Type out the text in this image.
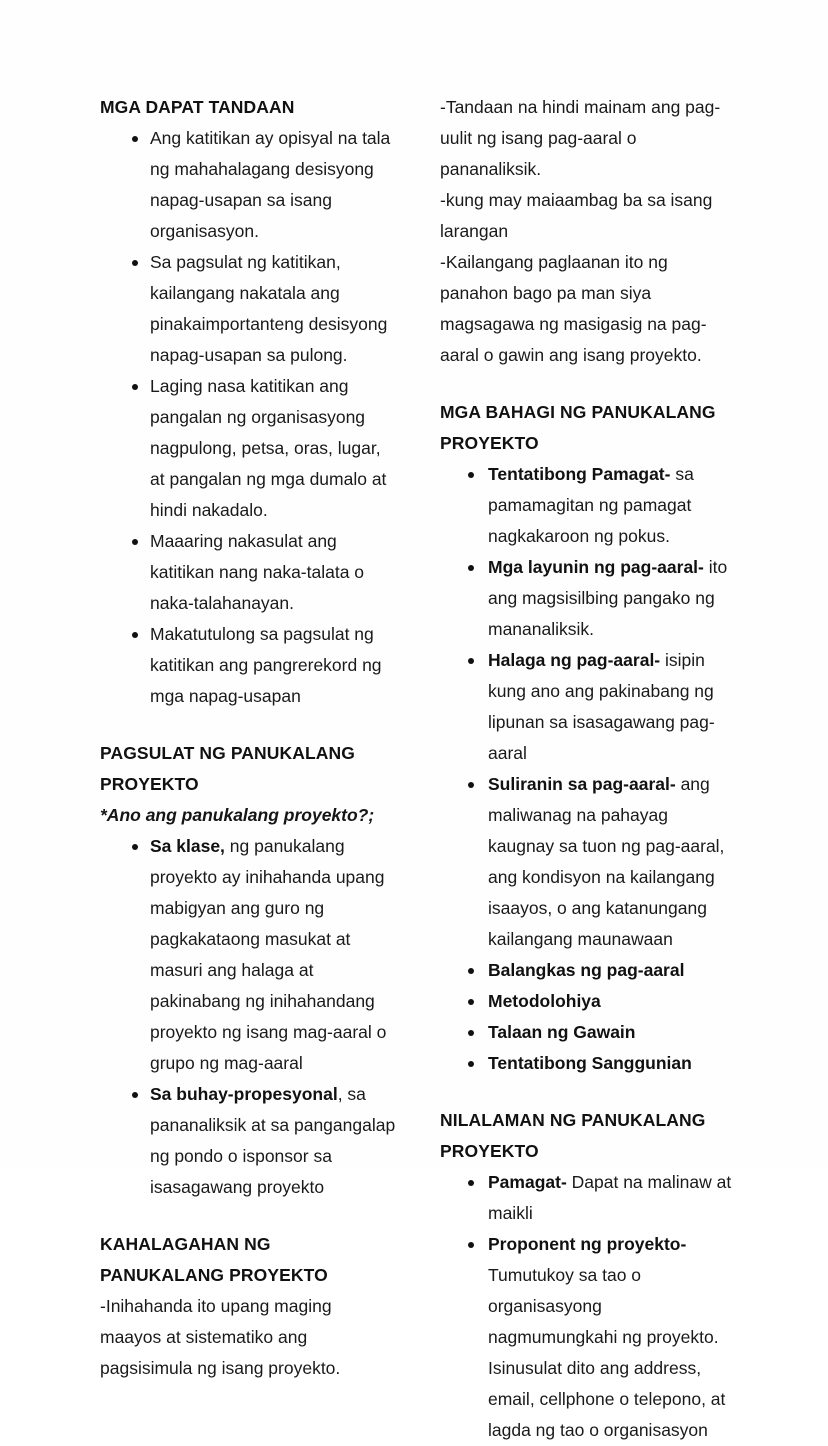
MGA DAPAT TANDAAN
Ang katitikan ay opisyal na tala ng mahahalagang desisyong napag-usapan sa isang organisasyon.
Sa pagsulat ng katitikan, kailangang nakatala ang pinakaimportanteng desisyong napag-usapan sa pulong.
Laging nasa katitikan ang pangalan ng organisasyong nagpulong, petsa, oras, lugar, at pangalan ng mga dumalo at hindi nakadalo.
Maaaring nakasulat ang katitikan nang naka-talata o naka-talahanayan.
Makatutulong sa pagsulat ng katitikan ang pangrerekord ng mga napag-usapan
PAGSULAT NG PANUKALANG PROYEKTO
*Ano ang panukalang proyekto?;
Sa klase, ng panukalang proyekto ay inihahanda upang mabigyan ang guro ng pagkakataong masukat at masuri ang halaga at pakinabang ng inihahandang proyekto ng isang mag-aaral o grupo ng mag-aaral
Sa buhay-propesyonal, sa pananaliksik at sa pangangalap ng pondo o isponsor sa isasagawang proyekto
KAHALAGAHAN NG PANUKALANG PROYEKTO

-Inihahanda ito upang maging maayos at sistematiko ang pagsisimula ng isang proyekto.

-Tandaan na hindi mainam ang pag-uulit ng isang pag-aaral o pananaliksik.

-kung may maiaambag ba sa isang larangan

-Kailangang paglaanan ito ng panahon bago pa man siya magsagawa ng masigasig na pag-aaral o gawin ang isang proyekto.

MGA BAHAGI NG PANUKALANG PROYEKTO
Tentatibong Pamagat- sa pamamagitan ng pamagat nagkakaroon ng pokus.
Mga layunin ng pag-aaral- ito ang magsisilbing pangako ng mananaliksik.
Halaga ng pag-aaral- isipin kung ano ang pakinabang ng lipunan sa isasagawang pag-aaral
Suliranin sa pag-aaral- ang maliwanag na pahayag kaugnay sa tuon ng pag-aaral, ang kondisyon na kailangang isaayos, o ang katanungang kailangang maunawaan
Balangkas ng pag-aaral
Metodolohiya
Talaan ng Gawain
Tentatibong Sanggunian
NILALAMAN NG PANUKALANG PROYEKTO
Pamagat- Dapat na malinaw at maikli
Proponent ng proyekto- Tumutukoy sa tao o organisasyong nagmumungkahi ng proyekto. Isinusulat dito ang address, email, cellphone o telepono, at lagda ng tao o organisasyon
